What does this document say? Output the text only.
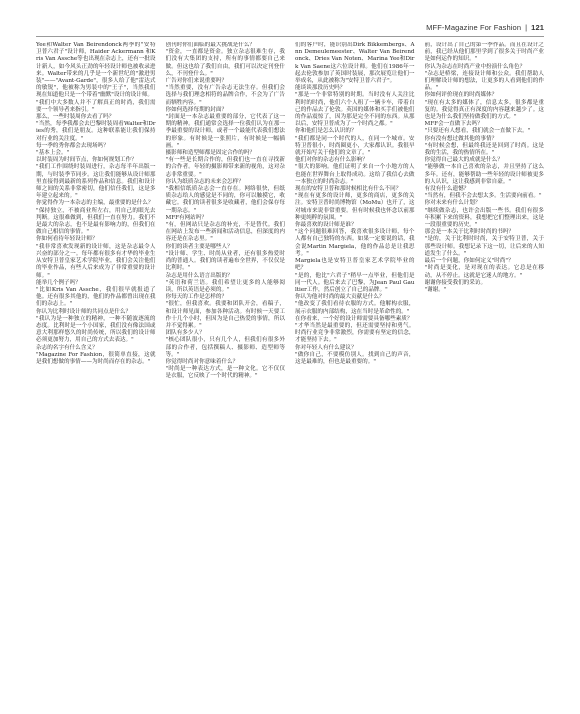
MFF-Magazine For Fashion | 121

Yee和Walter Van Beirendonck两季的"安特卫普六君子"设计师，Haider Ackermann 和Kris Van Assche等也出现在杂志上，还有一批设计新人，如今风头正劲的年轻设计师也被收录进来。Walter带来的几乎是一个新世纪的"激进男装"——"Avant-Garde"，很多人给了他"雷达式的敏锐"，他被称为男装中的"王子"，当然我们现在知道他只是一个带着"幽默"设计的设计师。

"我们中大多数人并不了解真正的时尚，我们需要一个领导者来指引。"

那么，一些时装周你去看了吗？

"当然，每季我都会去巴黎时装周看Walter和Dries的秀，我们是朋友。这种联系能让我们保持对行业的关注度。"

每一季的秀你都会去现场吗？

"基本上会。"

以时装周为时间节点，你如何规划工作？

"我们工作围绕时装周进行，杂志每半年出版一期，与时装季节同步。这让我们能够从设计师那里直接得到最新的系列作品和信息。我们和设计师之间的关系非常密切，他们信任我们，这是多年建立起来的。"

你觉得作为一本杂志的主编，最重要的是什么？

"保持独立，不被商业所左右，用自己的眼光去判断。这很难做到，但我们一直在努力。我们不是最大的杂志，也不是最有影响力的，但我们在做自己相信的事情。"

你如何看待年轻设计师？

"我非常喜欢发现新的设计师，这是杂志最令人兴奋的部分之一。每年都有很多有才华的毕业生从安特卫普皇家艺术学院毕业，我们会关注他们的毕业作品，有些人后来成为了非常重要的设计师。"

能举几个例子吗？

"比如Kris Van Assche，我们很早就报道了他。还有很多其他的，他们的作品都曾出现在我们的杂志上。"

你认为比利时设计师的共同点是什么？

"我认为是一种独立的精神，一种不随波逐流的态度。比利时是一个小国家，我们没有像法国或意大利那样悠久的时尚传统，所以我们的设计师必须更加努力，用自己的方式去表达。"

杂志的名字有什么含义？

"Magazine For Fashion，很简单直接，这就是我们想做的事情——为时尚而存在的杂志。"

创刊时你们面临的最大挑战是什么？

"资金，一直都是资金。独立杂志很难生存，我们没有大集团的支持，所有的事情都要自己来做。但这也给了我们自由，我们可以决定刊登什么，不刊登什么。"

广告对你们来说重要吗？

"当然重要，没有广告杂志无法生存。但我们会选择与我们理念相符的品牌合作，不会为了广告而牺牲内容。"

你如何选择每期的封面？

"封面是一本杂志最重要的部分，它代表了这一期的精神。我们通常会选择一位我们认为在那一季最重要的设计师，或者一个最能代表我们想法的形象。有时候是一张照片，有时候是一幅插画。"

摄影师和造型师都是固定合作的吗？

"有一些是长期合作的，但我们也一直在寻找新的合作者。年轻的摄影师带来新的视角，这对杂志非常重要。"

你认为纸质杂志的未来会怎样？

"我相信纸质杂志会一直存在。网络很快，但纸质杂志给人的感觉是不同的，你可以触摸它，收藏它。我们的读者很多是收藏者，他们会保存每一期杂志。"

MFF有网站吗？

"有，但网站只是杂志的补充，不是替代。我们在网站上发布一些新闻和活动信息，但深度的内容还是在杂志里。"

你们的读者主要是哪些人？

"设计师、学生、时尚从业者，还有很多热爱时尚的普通人。我们的读者遍布全世界，不仅仅是比利时。"

杂志是用什么语言出版的？

"英语和荷兰语。我们希望让更多的人能够阅读，所以英语是必须的。"

你每天的工作是怎样的？

"很忙，但我喜欢。我要和团队开会，看稿子，和设计师见面，参加各种活动。有时候一天要工作十几个小时，但因为是自己热爱的事情，所以并不觉得累。"

团队有多少人？

"核心团队很小，只有几个人，但我们有很多外部的合作者，包括撰稿人、摄影师、造型师等等。"

你觉得时尚对你意味着什么？

"时尚是一种表达方式，是一种文化。它不仅仅是衣服，它反映了一个时代的精神。"

们的客户时，能识别出Dirk Bikkembergs、Ann Demeulemeester、Walter Van Beirendonck、Dries Van Noten、Marina Yee和Dirk Van Saene这六位设计师。他们在1986年一起去伦敦参加了英国时装展，那次展览让他们一举成名，从此被称为"安特卫普六君子"。

能谈谈那段历史吗？

"那是一个非常特别的时期。当时没有人关注比利时的时尚，他们六个人租了一辆卡车，带着自己的作品去了伦敦。英国的媒体和买手们被他们的作品震惊了，因为那是完全不同的东西。从那以后，安特卫普成为了一个时尚之都。"

你和他们是怎么认识的？

"我们都是同一个时代的人，在同一个城市。安特卫普很小，时尚圈更小，大家都认识。我很早就开始写关于他们的文章了。"

他们对你的杂志有什么影响？

"很大的影响。他们证明了来自一个小地方的人也能在世界舞台上取得成功。这给了我信心去做一本独立的时尚杂志。"

现在的安特卫普和那时候相比有什么不同？

"现在有更多的设计师，更多的商店，更多的关注。安特卫普时尚博物馆（MoMu）也开了，这对城市来说非常重要。但有时候我也怀念以前那种更纯粹的氛围。"

你最喜欢的设计师是谁？

"这个问题很难回答，我喜欢很多设计师，每个人都有自己独特的东西。如果一定要说的话，我会说Martin Margiela，他的作品总是让我思考。"

Margiela也是安特卫普皇家艺术学院毕业的吧？

"是的，他比"六君子"稍早一点毕业，但他们是同一代人。他后来去了巴黎，为Jean Paul Gaultier工作，然后创立了自己的品牌。"

你认为他对时尚的最大贡献是什么？

"他改变了我们看待衣服的方式。他解构衣服，展示衣服的内部结构，这在当时是革命性的。"

在你看来，一个好的设计师需要具备哪些素质？

"才华当然是最重要的，但还需要坚持和勇气。时尚行业竞争非常激烈，你需要有坚定的信念，才能坚持下去。"

你对年轻人有什么建议？

"做你自己，不要模仿别人。找到自己的声音，这是最难的，但也是最重要的。"

前，设计出了自己的第一季作品。而且在设计之前，我已经从他们那里学到了很多关于时尚产业是如何运作的知识。"

你认为杂志在时尚产业中扮演什么角色？

"杂志是桥梁，连接设计师和公众。我们帮助人们理解设计师的想法，让更多的人看到他们的作品。"

你如何评价现在的时尚媒体？

"现在有太多的媒体了，信息太多，很多都是重复的。我觉得真正有深度的内容越来越少了。这也是为什么我们坚持做我们的方式。"

MFF会一直做下去吗？

"只要还有人想看，我们就会一直做下去。"

你有没有想过做其他的事情？

"有时候会想，但最终我还是回到了时尚。这是我的生活，我的热情所在。"

你觉得自己最大的成就是什么？

"能够做一本自己喜欢的杂志，并且坚持了这么多年。还有，能够帮助一些年轻的设计师被更多的人认识，这让我感到非常自豪。"

有没有什么遗憾？

"当然有，但我不会去想太多。生活要向前看。"

你对未来有什么计划？

"继续做杂志，也许会出版一些书。我们有很多年积累下来的资料，我想把它们整理出来，这是一段很重要的历史。"

那会是一本关于比利时时尚的书吗？

"是的，关于比利时时尚，关于安特卫普，关于那些设计师。我想记录下这一切，让后来的人知道发生了什么。"

最后一个问题，你如何定义"时尚"？

"时尚是变化，是对现在的表达。它总是在移动，从不停止。这就是它迷人的地方。"

谢谢你接受我们的采访。

"谢谢。"
